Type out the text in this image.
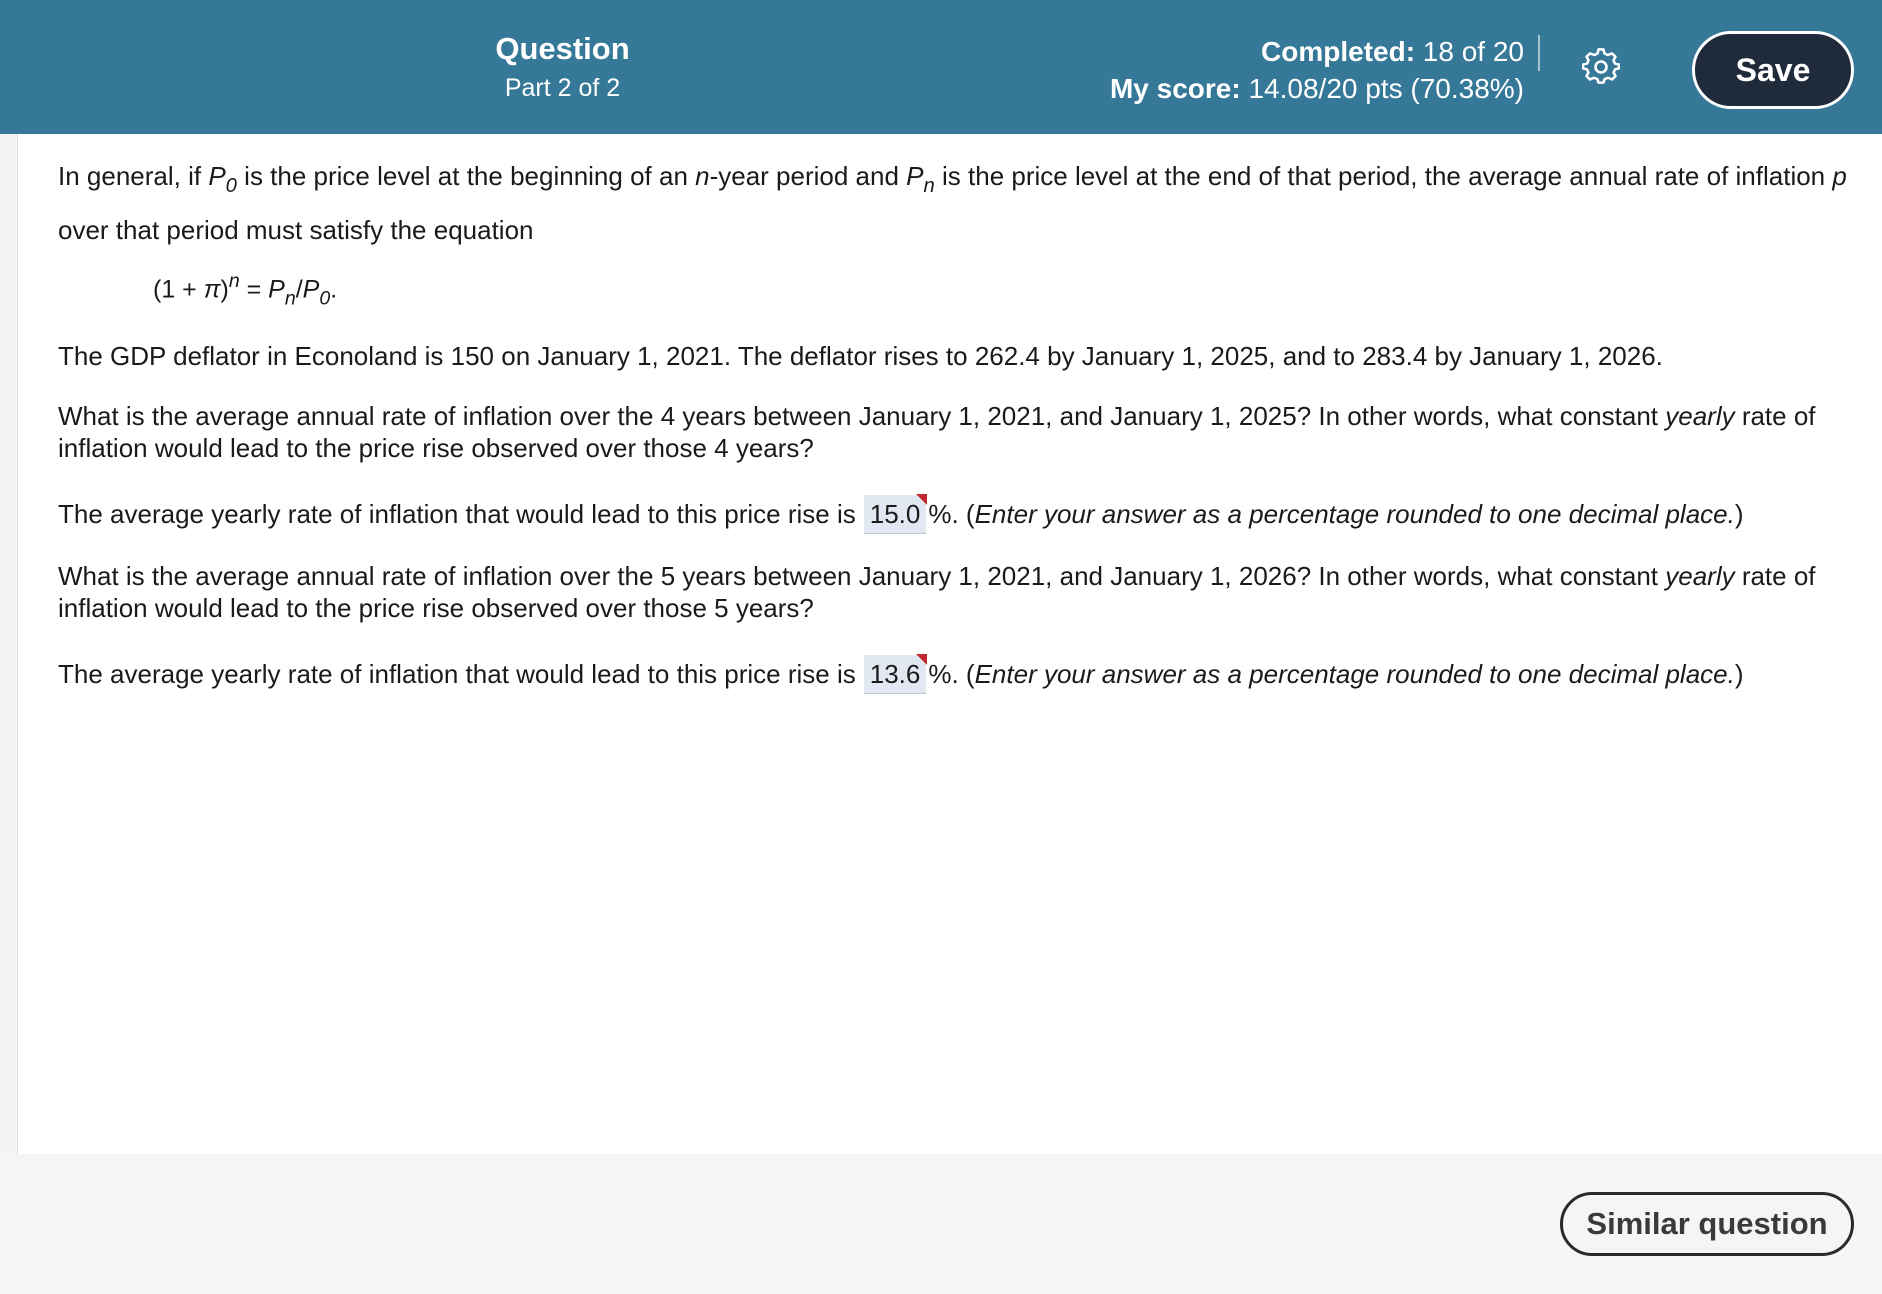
Question
Part 2 of 2
Completed: 18 of 20
My score: 14.08/20 pts (70.38%)
Save
In general, if $P_0$ is the price level at the beginning of an n-year period and $P_n$ is the price level at the end of that period, the average annual rate of inflation p over that period must satisfy the equation
$(1 + \pi)^n = P_n/P_0$.
The GDP deflator in Econoland is 150 on January 1, 2021. The deflator rises to 262.4 by January 1, 2025, and to 283.4 by January 1, 2026.
What is the average annual rate of inflation over the 4 years between January 1, 2021, and January 1, 2025? In other words, what constant yearly rate of inflation would lead to the price rise observed over those 4 years?
The average yearly rate of inflation that would lead to this price rise is 15.0 %. (Enter your answer as a percentage rounded to one decimal place.)
What is the average annual rate of inflation over the 5 years between January 1, 2021, and January 1, 2026? In other words, what constant yearly rate of inflation would lead to the price rise observed over those 5 years?
The average yearly rate of inflation that would lead to this price rise is 13.6 %. (Enter your answer as a percentage rounded to one decimal place.)
Similar question
